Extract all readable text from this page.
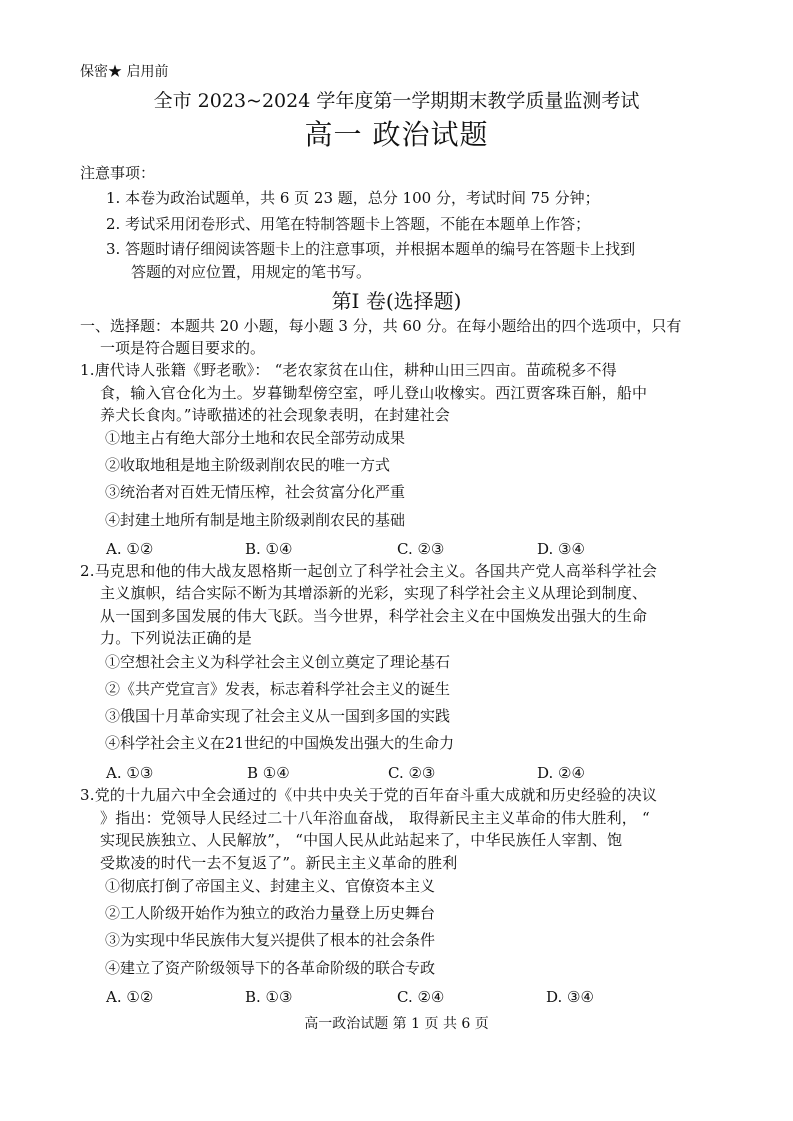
保密★ 启用前
全市 2023~2024 学年度第一学期期末教学质量监测考试
高一 政治试题
注意事项：
1. 本卷为政治试题单，共 6 页 23 题，总分 100 分，考试时间 75 分钟；
2. 考试采用闭卷形式、用笔在特制答题卡上答题，不能在本题单上作答；
3. 答题时请仔细阅读答题卡上的注意事项，并根据本题单的编号在答题卡上找到
答题的对应位置，用规定的笔书写。
第Ⅰ 卷(选择题)
一、选择题：本题共 20 小题，每小题 3 分，共 60 分。在每小题给出的四个选项中，只有
一项是符合题目要求的。
1.唐代诗人张籍《野老歌》： “老农家贫在山住，耕种山田三四亩。苗疏税多不得
食，输入官仓化为土。岁暮锄犁傍空室，呼儿登山收橡实。西江贾客珠百斛，船中
养犬长食肉。”诗歌描述的社会现象表明，在封建社会
①地主占有绝大部分土地和农民全部劳动成果
②收取地租是地主阶级剥削农民的唯一方式
③统治者对百姓无情压榨，社会贫富分化严重
④封建土地所有制是地主阶级剥削农民的基础
A. ①②	B. ①④	C. ②③	D. ③④
2.马克思和他的伟大战友恩格斯一起创立了科学社会主义。各国共产党人高举科学社会
主义旗帜，结合实际不断为其增添新的光彩，实现了科学社会主义从理论到制度、
从一国到多国发展的伟大飞跃。当今世界，科学社会主义在中国焕发出强大的生命
力。下列说法正确的是
①空想社会主义为科学社会主义创立奠定了理论基石
②《共产党宣言》发表，标志着科学社会主义的诞生
③俄国十月革命实现了社会主义从一国到多国的实践
④科学社会主义在21世纪的中国焕发出强大的生命力
A. ①③	B ①④	C. ②③	D. ②④
3.党的十九届六中全会通过的《中共中央关于党的百年奋斗重大成就和历史经验的决议
》指出：党领导人民经过二十八年浴血奋战， 取得新民主主义革命的伟大胜利， “
实现民族独立、人民解放”， “中国人民从此站起来了，中华民族任人宰割、饱
受欺凌的时代一去不复返了”。新民主主义革命的胜利
①彻底打倒了帝国主义、封建主义、官僚资本主义
②工人阶级开始作为独立的政治力量登上历史舞台
③为实现中华民族伟大复兴提供了根本的社会条件
④建立了资产阶级领导下的各革命阶级的联合专政
A. ①②	B. ①③	C. ②④	D. ③④
高一政治试题 第 1 页 共 6 页
